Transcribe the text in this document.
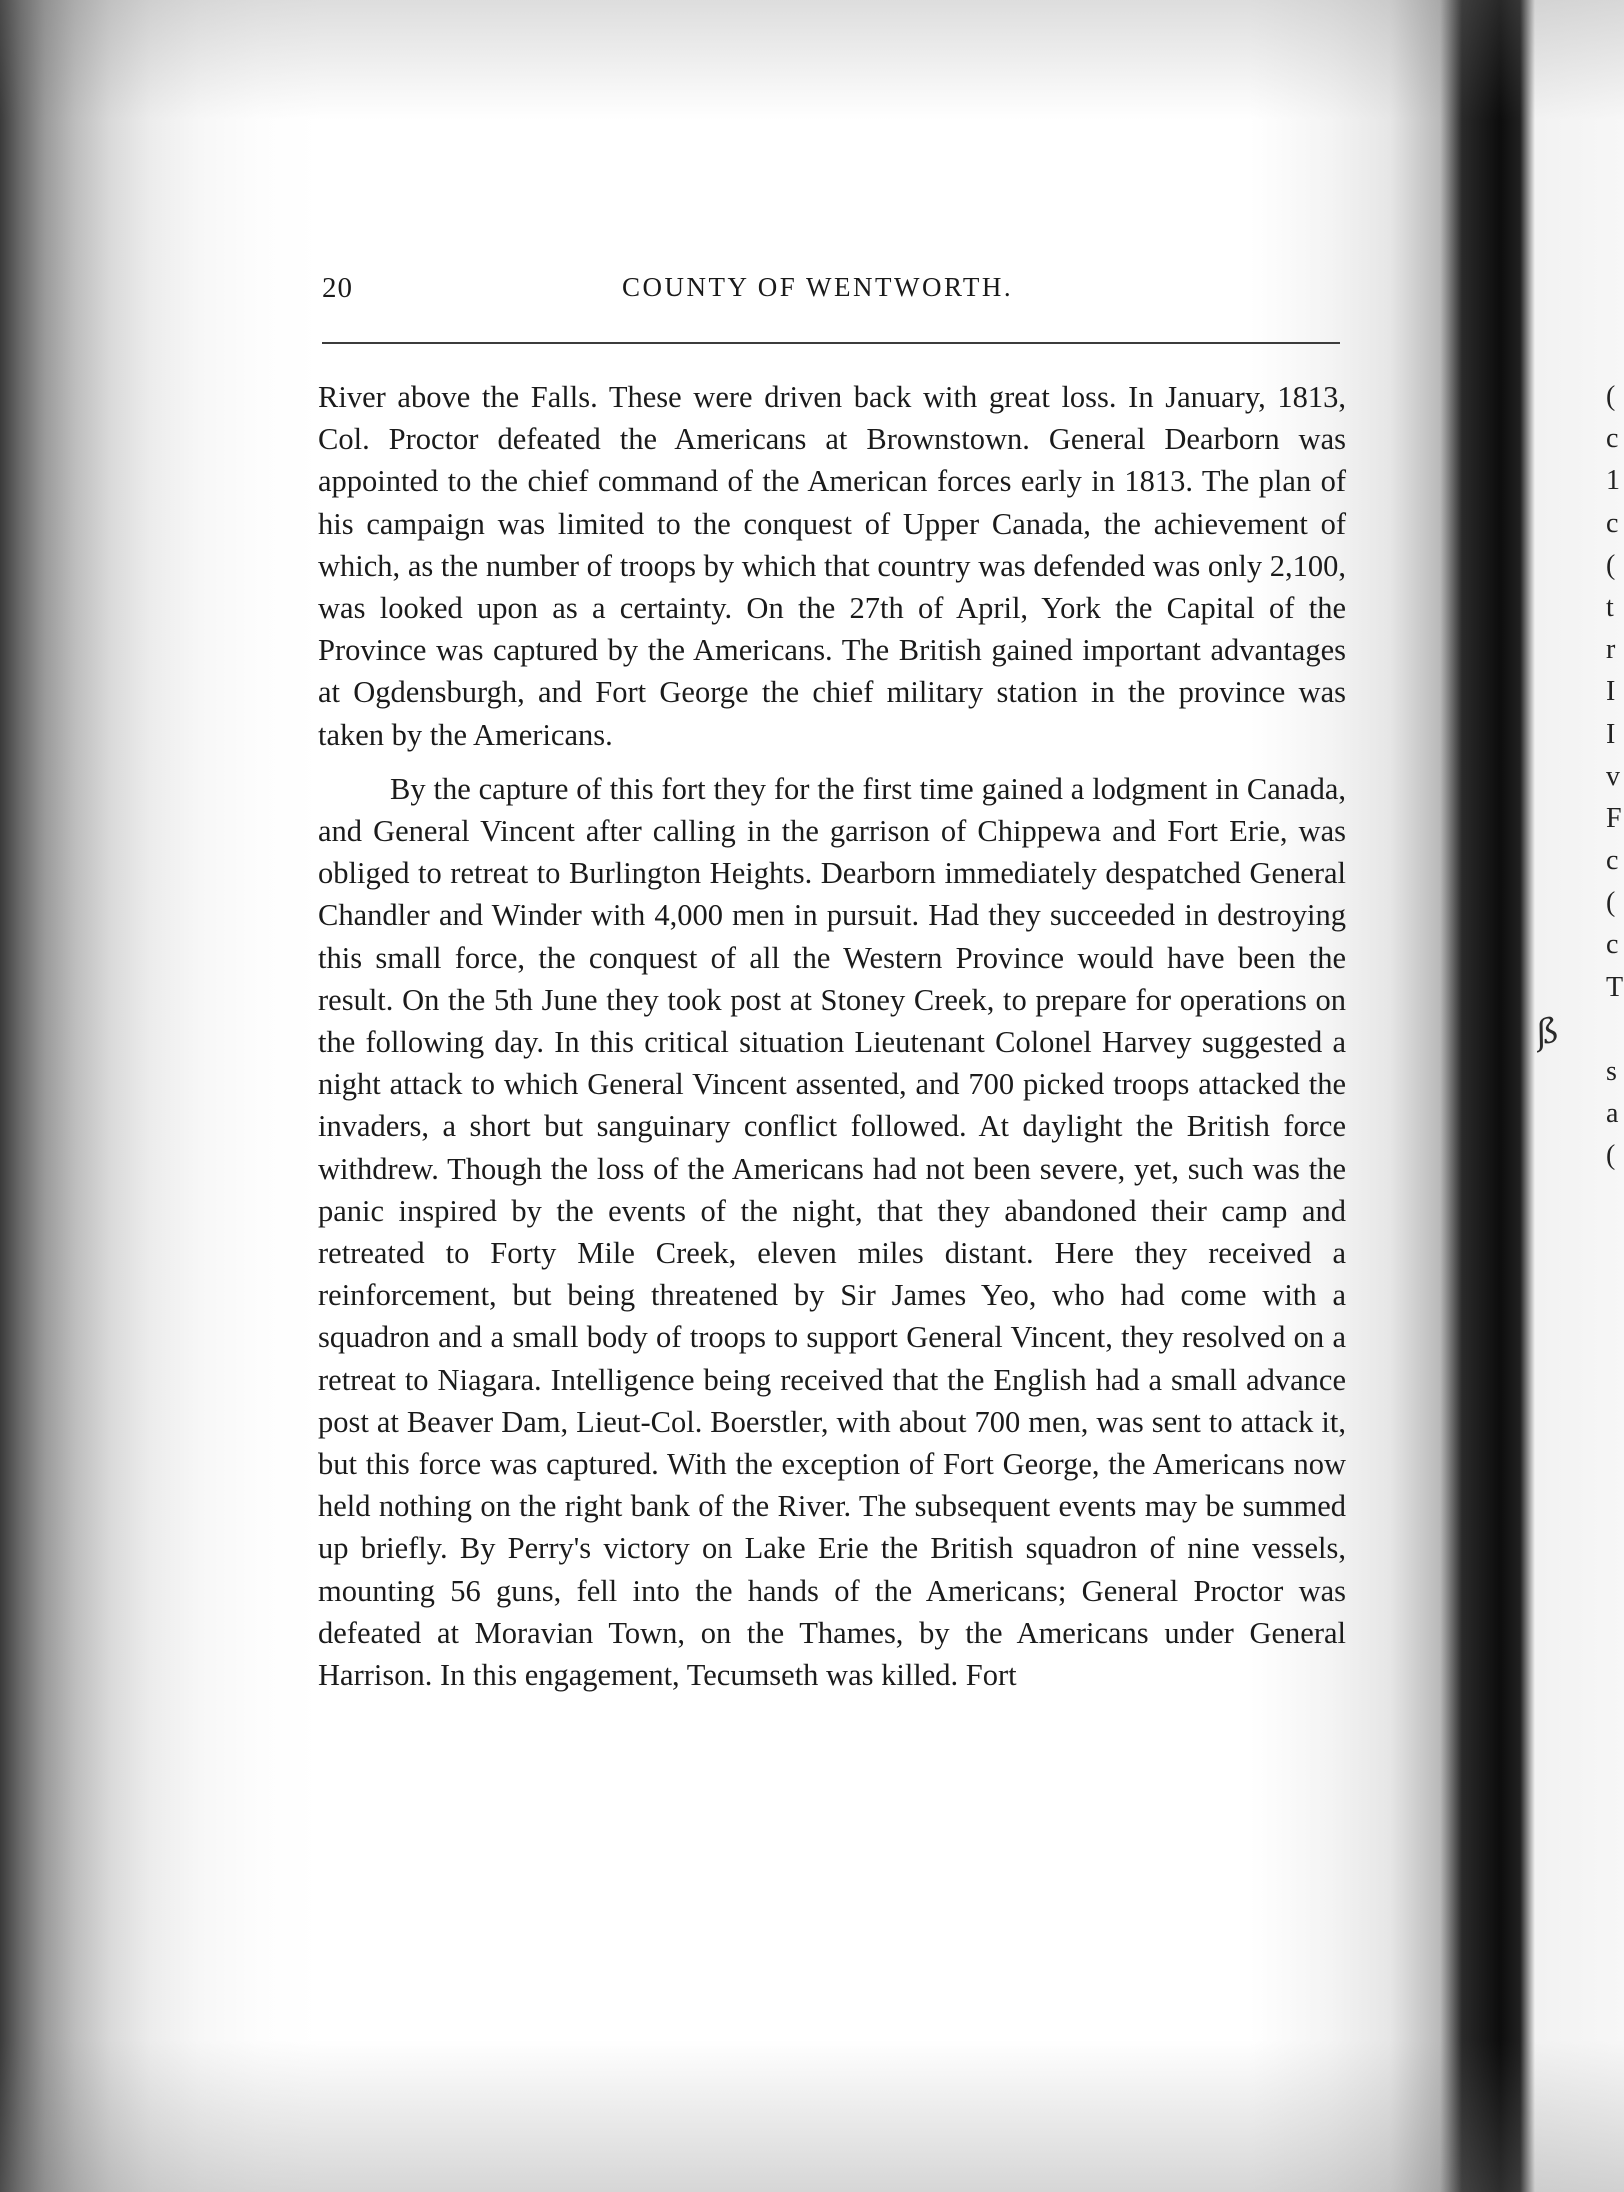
20	COUNTY OF WENTWORTH.

River above the Falls. These were driven back with great loss. In January, 1813, Col. Proctor defeated the Americans at Brownstown. General Dearborn was appointed to the chief command of the American forces early in 1813. The plan of his campaign was limited to the conquest of Upper Canada, the achievement of which, as the number of troops by which that country was defended was only 2,100, was looked upon as a certainty. On the 27th of April, York the Capital of the Province was captured by the Americans. The British gained important advantages at Ogdensburgh, and Fort George the chief military station in the province was taken by the Americans.

By the capture of this fort they for the first time gained a lodgment in Canada, and General Vincent after calling in the garrison of Chippewa and Fort Erie, was obliged to retreat to Burlington Heights. Dearborn immediately despatched General Chandler and Winder with 4,000 men in pursuit. Had they succeeded in destroying this small force, the conquest of all the Western Province would have been the result. On the 5th June they took post at Stoney Creek, to prepare for operations on the following day. In this critical situation Lieutenant Colonel Harvey suggested a night attack to which General Vincent assented, and 700 picked troops attacked the invaders, a short but sanguinary conflict followed. At daylight the British force withdrew. Though the loss of the Americans had not been severe, yet, such was the panic inspired by the events of the night, that they abandoned their camp and retreated to Forty Mile Creek, eleven miles distant. Here they received a reinforcement, but being threatened by Sir James Yeo, who had come with a squadron and a small body of troops to support General Vincent, they resolved on a retreat to Niagara. Intelligence being received that the English had a small advance post at Beaver Dam, Lieut-Col. Boerstler, with about 700 men, was sent to attack it, but this force was captured. With the exception of Fort George, the Americans now held nothing on the right bank of the River. The subsequent events may be summed up briefly. By Perry's victory on Lake Erie the British squadron of nine vessels, mounting 56 guns, fell into the hands of the Americans; General Proctor was defeated at Moravian Town, on the Thames, by the Americans under General Harrison. In this engagement, Tecumseth was killed. Fort

(
c
1
c
(
t
r
I
I
v
F
c
(
c
T
s
a
(
ß
